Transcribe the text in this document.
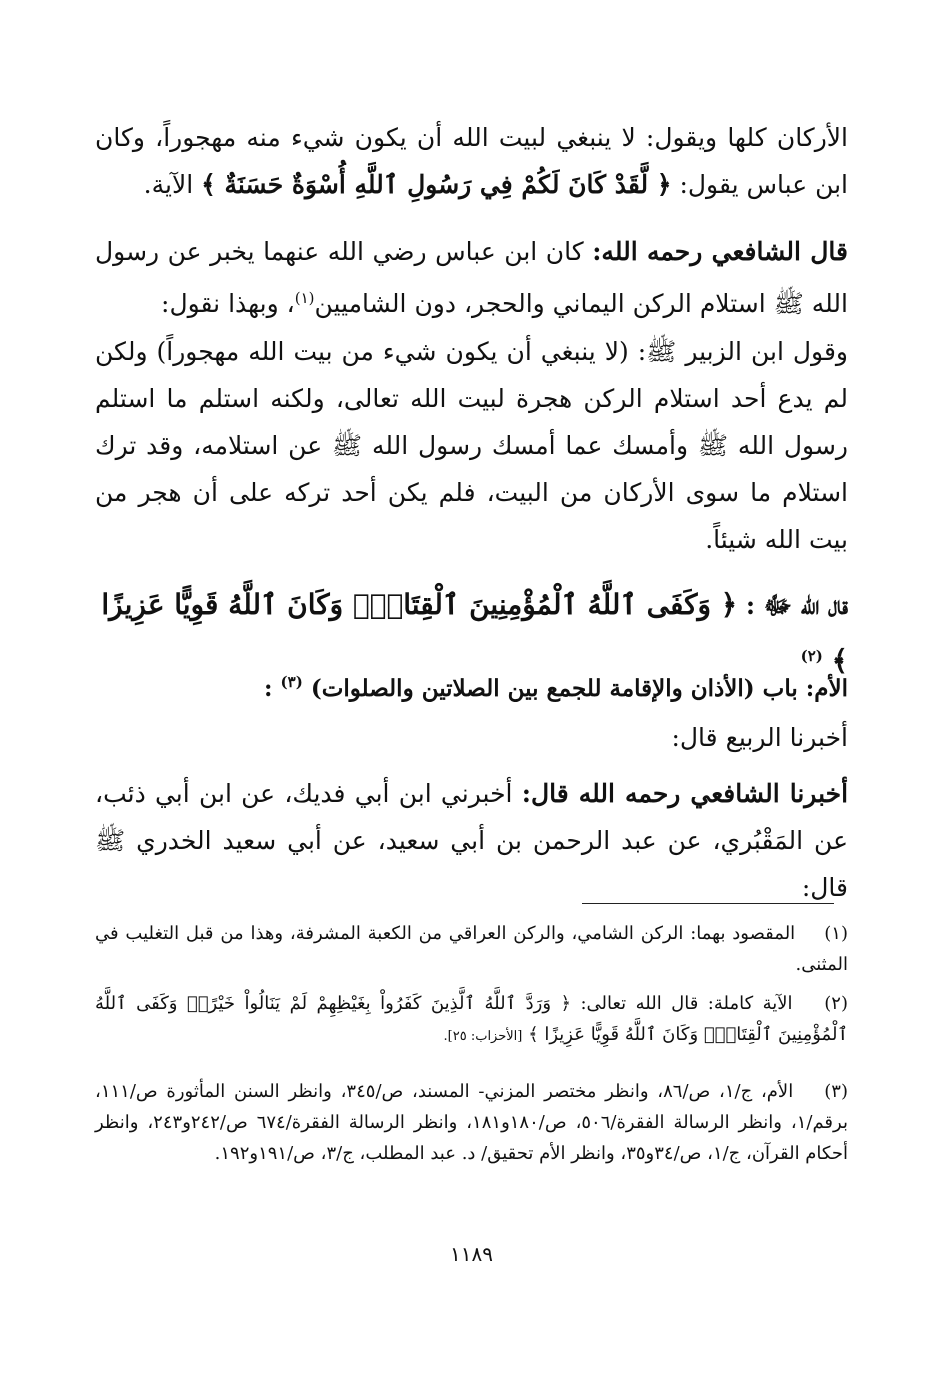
الأركان كلها ويقول: لا ينبغي لبيت الله أن يكون شيء منه مهجوراً، وكان ابن عباس يقول: ﴿ لَّقَدْ كَانَ لَكُمْ فِي رَسُولِ ٱللَّهِ أُسْوَةٌ حَسَنَةٌ ﴾ الآية.

قال الشافعي رحمه الله: كان ابن عباس رضي الله عنهما يخبر عن رسول الله ﷺ استلام الركن اليماني والحجر، دون الشاميين$^{(١)}$، وبهذا نقول:

وقول ابن الزبير ﷺ: (لا ينبغي أن يكون شيء من بيت الله مهجوراً) ولكن لم يدع أحد استلام الركن هجرة لبيت الله تعالى، ولكنه استلم ما استلم رسول الله ﷺ وأمسك عما أمسك رسول الله ﷺ عن استلامه، وقد ترك استلام ما سوى الأركان من البيت، فلم يكن أحد تركه على أن هجر من بيت الله شيئاً.

قال الله ﷻ : ﴿ وَكَفَى ٱللَّهُ ٱلْمُؤْمِنِينَ ٱلْقِتَالَۚ وَكَانَ ٱللَّهُ قَوِيًّا عَزِيزًا ﴾ $^{(٢)}$

الأم: باب (الأذان والإقامة للجمع بين الصلاتين والصلوات) $^{(٣)}$ :

أخبرنا الربيع قال:

أخبرنا الشافعي رحمه الله قال: أخبرني ابن أبي فديك، عن ابن أبي ذئب، عن المَقْبُري، عن عبد الرحمن بن أبي سعيد، عن أبي سعيد الخدري ﷺ قال:

(١) المقصود بهما: الركن الشامي، والركن العراقي من الكعبة المشرفة، وهذا من قبل التغليب في المثنى.

(٢) الآية كاملة: قال الله تعالى: ﴿ وَرَدَّ ٱللَّهُ ٱلَّذِينَ كَفَرُواْ بِغَيْظِهِمْ لَمْ يَنَالُواْ خَيْرًاۚ وَكَفَى ٱللَّهُ ٱلْمُؤْمِنِينَ ٱلْقِتَالَۚ وَكَانَ ٱللَّهُ قَوِيًّا عَزِيزًا ﴾ [الأحزاب: ٢٥].

(٣) الأم، ج/١، ص/٨٦، وانظر مختصر المزني- المسند، ص/٣٤٥، وانظر السنن المأثورة ص/١١١، برقم/١، وانظر الرسالة الفقرة/٥٠٦، ص/١٨٠و١٨١، وانظر الرسالة الفقرة/٦٧٤ ص/٢٤٢و٢٤٣، وانظر أحكام القرآن، ج/١، ص/٣٤و٣٥، وانظر الأم تحقيق/ د. عبد المطلب، ج/٣، ص/١٩١و١٩٢.

١١٨٩
